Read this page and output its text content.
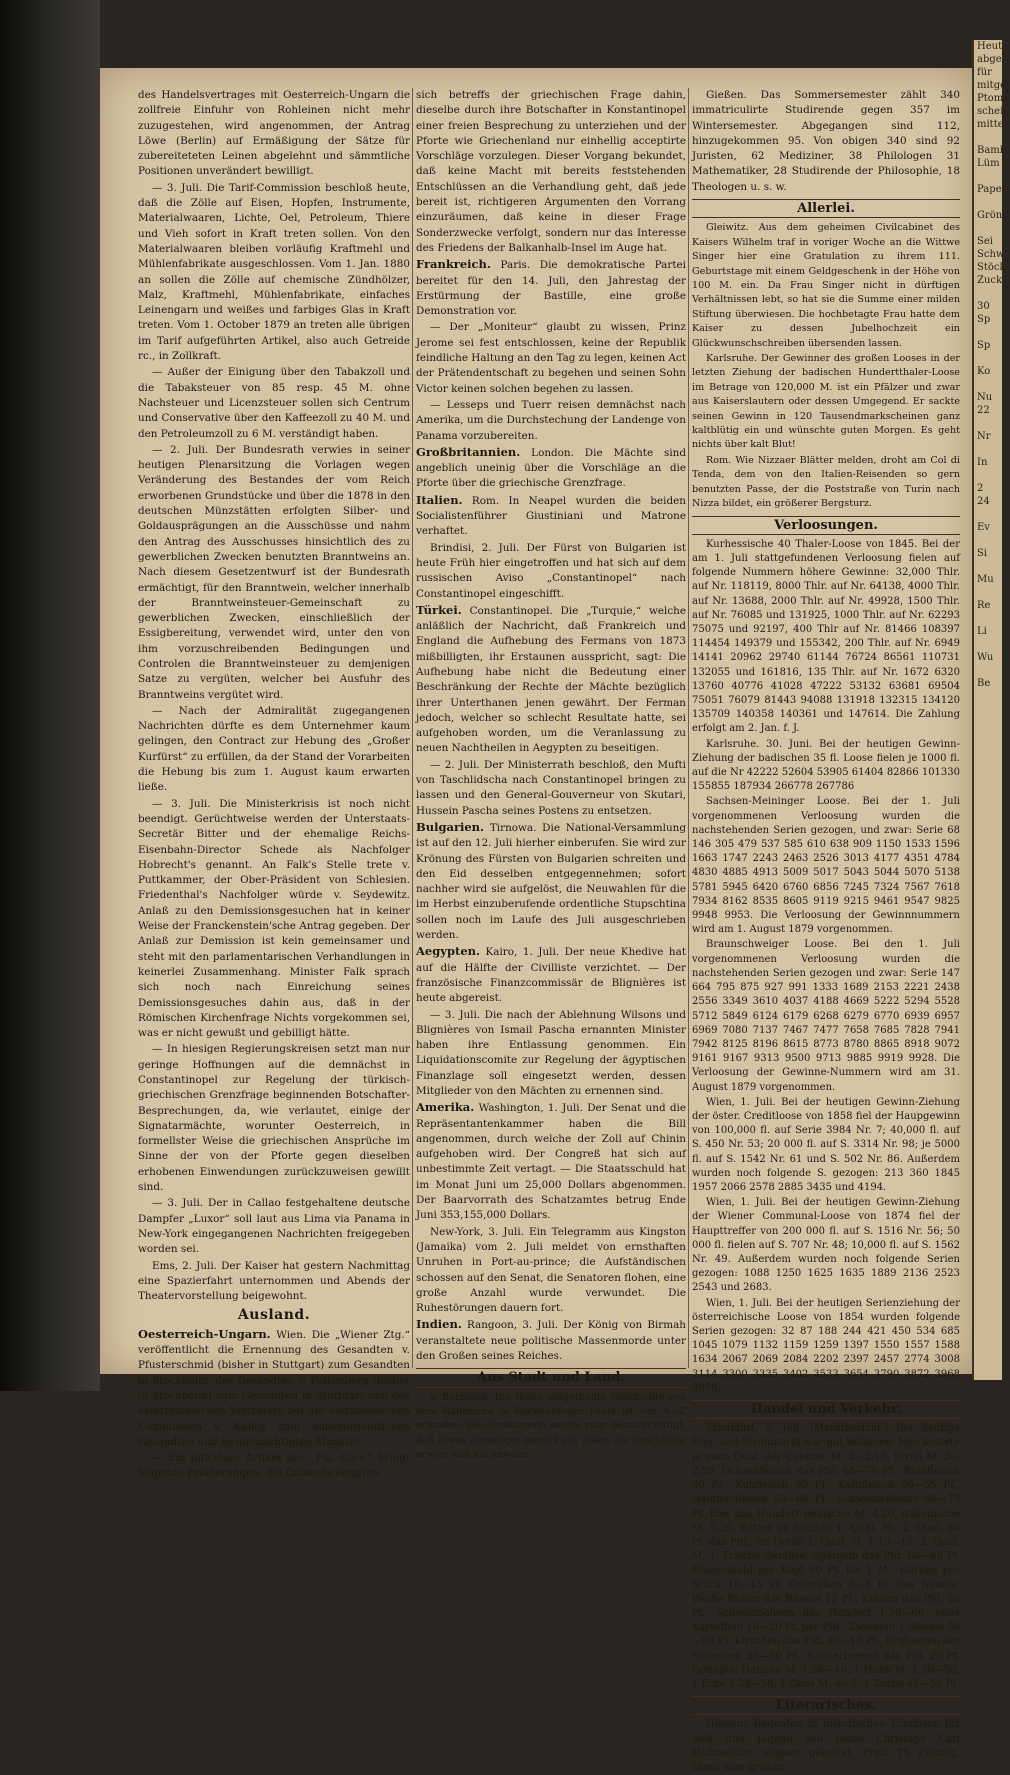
Heut
abgeh
für
mitge
Ptoms
scheid
mittel

Bamb
Lüm

Papet

Grön

Sei
Schw
Stöck
Zuck

30
Sp

Sp

Ko

Nu
22

Nr

In

2
24

Ev

Si

Mu

Re

Li

Wu

Be

des Handelsvertrages mit Oesterreich-Ungarn die zollfreie Einfuhr von Rohleinen nicht mehr zuzugestehen, wird angenommen, der Antrag Löwe (Berlin) auf Ermäßigung der Sätze für zubereiteteten Leinen abgelehnt und sämmtliche Positionen unverändert bewilligt.

— 3. Juli. Die Tarif-Commission beschloß heute, daß die Zölle auf Eisen, Hopfen, Instrumente, Materialwaaren, Lichte, Oel, Petroleum, Thiere und Vieh sofort in Kraft treten sollen. Von den Materialwaaren bleiben vorläufig Kraftmehl und Mühlenfabrikate ausgeschlossen. Vom 1. Jan. 1880 an sollen die Zölle auf chemische Zündhölzer, Malz, Kraftmehl, Mühlenfabrikate, einfaches Leinengarn und weißes und farbiges Glas in Kraft treten. Vom 1. October 1879 an treten alle übrigen im Tarif aufgeführten Artikel, also auch Getreide rc., in Zollkraft.

— Außer der Einigung über den Tabakzoll und die Tabaksteuer von 85 resp. 45 M. ohne Nachsteuer und Licenzsteuer sollen sich Centrum und Conservative über den Kaffeezoll zu 40 M. und den Petroleumzoll zu 6 M. verständigt haben.

— 2. Juli. Der Bundesrath verwies in seiner heutigen Plenarsitzung die Vorlagen wegen Veränderung des Bestandes der vom Reich erworbenen Grundstücke und über die 1878 in den deutschen Münzstätten erfolgten Silber- und Goldausprägungen an die Ausschüsse und nahm den Antrag des Ausschusses hinsichtlich des zu gewerblichen Zwecken benutzten Branntweins an. Nach diesem Gesetzentwurf ist der Bundesrath ermächtigt, für den Branntwein, welcher innerhalb der Branntweinsteuer-Gemeinschaft zu gewerblichen Zwecken, einschließlich der Essigbereitung, verwendet wird, unter den von ihm vorzuschreibenden Bedingungen und Controlen die Branntweinsteuer zu demjenigen Satze zu vergüten, welcher bei Ausfuhr des Branntweins vergütet wird.

— Nach der Admiralität zugegangenen Nachrichten dürfte es dem Unternehmer kaum gelingen, den Contract zur Hebung des „Großer Kurfürst“ zu erfüllen, da der Stand der Vorarbeiten die Hebung bis zum 1. August kaum erwarten ließe.

— 3. Juli. Die Ministerkrisis ist noch nicht beendigt. Gerüchtweise werden der Unterstaats-Secretär Bitter und der ehemalige Reichs-Eisenbahn-Director Schede als Nachfolger Hobrecht's genannt. An Falk's Stelle trete v. Puttkammer, der Ober-Präsident von Schlesien. Friedenthal's Nachfolger würde v. Seydewitz. Anlaß zu den Demissionsgesuchen hat in keiner Weise der Franckenstein'sche Antrag gegeben. Der Anlaß zur Demission ist kein gemeinsamer und steht mit den parlamentarischen Verhandlungen in keinerlei Zusammenhang. Minister Falk sprach sich noch nach Einreichung seines Demissionsgesuches dahin aus, daß in der Römischen Kirchenfrage Nichts vorgekommen sei, was er nicht gewußt und gebilligt hätte.

— In hiesigen Regierungskreisen setzt man nur geringe Hoffnungen auf die demnächst in Constantinopel zur Regelung der türkisch-griechischen Grenzfrage beginnenden Botschafter-Besprechungen, da, wie verlautet, einige der Signatarmächte, worunter Oesterreich, in formellster Weise die griechischen Ansprüche im Sinne der von der Pforte gegen dieselben erhobenen Einwendungen zurückzuweisen gewillt sind.

— 3. Juli. Der in Callao festgehaltene deutsche Dampfer „Luxor“ soll laut aus Lima via Panama in New-York eingegangenen Nachrichten freigegeben worden sei.

Ems, 2. Juli. Der Kaiser hat gestern Nachmittag eine Spazierfahrt unternommen und Abends der Theatervorstellung beigewohnt.

Ausland.

Oesterreich-Ungarn. Wien. Die „Wiener Ztg.“ veröffentlicht die Ernennung des Gesandten v. Pfusterschmid (bisher in Stuttgart) zum Gesandten in Stockholm, des Gesandten v. Pottenberg (bisher in Stockholm) zum Gesandten in Stuttgart und des österreichischen Vertreters bei der ostrumelischen Commission v. Kalloy zum außerordentlichen Gesandten und bevollmächtigten Minister.

— Ein officiöser Artikel der „Pol. Corr.“ bringt folgende Erörterungen: die Cabinete einigten

sich betreffs der griechischen Frage dahin, dieselbe durch ihre Botschafter in Konstantinopel einer freien Besprechung zu unterziehen und der Pforte wie Griechenland nur einhellig acceptirte Vorschläge vorzulegen. Dieser Vorgang bekundet, daß keine Macht mit bereits feststehenden Entschlüssen an die Verhandlung geht, daß jede bereit ist, richtigeren Argumenten den Vorrang einzuräumen, daß keine in dieser Frage Sonderzwecke verfolgt, sondern nur das Interesse des Friedens der Balkanhalb-Insel im Auge hat.

Frankreich. Paris. Die demokratische Partei bereitet für den 14. Juli, den Jahrestag der Erstürmung der Bastille, eine große Demonstration vor.

— Der „Moniteur“ glaubt zu wissen, Prinz Jerome sei fest entschlossen, keine der Republik feindliche Haltung an den Tag zu legen, keinen Act der Prätendentschaft zu begehen und seinen Sohn Victor keinen solchen begehen zu lassen.

— Lesseps und Tuerr reisen demnächst nach Amerika, um die Durchstechung der Landenge von Panama vorzubereiten.

Großbritannien. London. Die Mächte sind angeblich uneinig über die Vorschläge an die Pforte über die griechische Grenzfrage.

Italien. Rom. In Neapel wurden die beiden Socialistenführer Giustiniani und Matrone verhaftet.

Brindisi, 2. Juli. Der Fürst von Bulgarien ist heute Früh hier eingetroffen und hat sich auf dem russischen Aviso „Constantinopel“ nach Constantinopel eingeschifft.

Türkei. Constantinopel. Die „Turquie,“ welche anläßlich der Nachricht, daß Frankreich und England die Aufhebung des Fermans von 1873 mißbilligten, ihr Erstaunen ausspricht, sagt: Die Aufhebung habe nicht die Bedeutung einer Beschränkung der Rechte der Mächte bezüglich ihrer Unterthanen jenen gewährt. Der Ferman jedoch, welcher so schlecht Resultate hatte, sei aufgehoben worden, um die Veranlassung zu neuen Nachtheilen in Aegypten zu beseitigen.

— 2. Juli. Der Ministerrath beschloß, den Mufti von Taschlidscha nach Constantinopel bringen zu lassen und den General-Gouverneur von Skutari, Hussein Pascha seines Postens zu entsetzen.

Bulgarien. Tirnowa. Die National-Versammlung ist auf den 12. Juli hierher einberufen. Sie wird zur Krönung des Fürsten von Bulgarien schreiten und den Eid desselben entgegennehmen; sofort nachher wird sie aufgelöst, die Neuwahlen für die im Herbst einzuberufende ordentliche Stupschtina sollen noch im Laufe des Juli ausgeschrieben werden.

Aegypten. Kairo, 1. Juli. Der neue Khedive hat auf die Hälfte der Civilliste verzichtet. — Der französische Finanzcommissär de Blignières ist heute abgereist.

— 3. Juli. Die nach der Ablehnung Wilsons und Blignières von Ismail Pascha ernannten Minister haben ihre Entlassung genommen. Ein Liquidationscomite zur Regelung der ägyptischen Finanzlage soll eingesetzt werden, dessen Mitglieder von den Mächten zu ernennen sind.

Amerika. Washington, 1. Juli. Der Senat und die Repräsentantenkammer haben die Bill angenommen, durch welche der Zoll auf Chinin aufgehoben wird. Der Congreß hat sich auf unbestimmte Zeit vertagt. — Die Staatsschuld hat im Monat Juni um 25,000 Dollars abgenommen. Der Baarvorrath des Schatzamtes betrug Ende Juni 353,155,000 Dollars.

New-York, 3. Juli. Ein Telegramm aus Kingston (Jamaika) vom 2. Juli meldet von ernsthaften Unruhen in Port-au-prince; die Aufständischen schossen auf den Senat, die Senatoren flohen, eine große Anzahl wurde verwundet. Die Ruhestörungen dauern fort.

Indien. Rangoon, 3. Juli. Der König von Birmah veranstaltete neue politische Massenmorde unter den Großen seines Reiches.

Aus Stadt und Land.

s. Butzbach. Die Ihnen mitgetheilte Geschichte von dem Raubmord in Rockenberger Felde ist von A—Z erfunden. Die Gendamerie wurde zwar benachrichtigt, daß etwas derartiges passirt sei, allein die Geschichte erwies sich als unwahr.

Gießen. Das Sommersemester zählt 340 immatriculirte Studirende gegen 357 im Wintersemester. Abgegangen sind 112, hinzugekommen 95. Von obigen 340 sind 92 Juristen, 62 Mediziner, 38 Philologen 31 Mathematiker, 28 Studirende der Philosophie, 18 Theologen u. s. w.

Allerlei.

Gleiwitz. Aus dem geheimen Civilcabinet des Kaisers Wilhelm traf in voriger Woche an die Wittwe Singer hier eine Gratulation zu ihrem 111. Geburtstage mit einem Geldgeschenk in der Höhe von 100 M. ein. Da Frau Singer nicht in dürftigen Verhältnissen lebt, so hat sie die Summe einer milden Stiftung überwiesen. Die hochbetagte Frau hatte dem Kaiser zu dessen Jubelhochzeit ein Glückwunschschreiben übersenden lassen.

Karlsruhe. Der Gewinner des großen Looses in der letzten Ziehung der badischen Hundertthaler-Loose im Betrage von 120,000 M. ist ein Pfälzer und zwar aus Kaiserslautern oder dessen Umgegend. Er sackte seinen Gewinn in 120 Tausendmarkscheinen ganz kaltblütig ein und wünschte guten Morgen. Es geht nichts über kalt Blut!

Rom. Wie Nizzaer Blätter melden, droht am Col di Tenda, dem von den Italien-Reisenden so gern benutzten Passe, der die Poststraße von Turin nach Nizza bildet, ein größerer Bergsturz.

Verloosungen.

Kurhessische 40 Thaler-Loose von 1845. Bei der am 1. Juli stattgefundenen Verloosung fielen auf folgende Nummern höhere Gewinne: 32,000 Thlr. auf Nr. 118119, 8000 Thlr. auf Nr. 64138, 4000 Thlr. auf Nr. 13688, 2000 Thlr. auf Nr. 49928, 1500 Thlr. auf Nr. 76085 und 131925, 1000 Thlr. auf Nr. 62293 75075 und 92197, 400 Thlr auf Nr. 81466 108397 114454 149379 und 155342, 200 Thlr. auf Nr. 6949 14141 20962 29740 61144 76724 86561 110731 132055 und 161816, 135 Thlr. auf Nr. 1672 6320 13760 40776 41028 47222 53132 63681 69504 75051 76079 81443 94088 131918 132315 134120 135709 140358 140361 und 147614. Die Zahlung erfolgt am 2. Jan. f. J.

Karlsruhe. 30. Juni. Bei der heutigen Gewinn-Ziehung der badischen 35 fl. Loose fielen je 1000 fl. auf die Nr 42222 52604 53905 61404 82866 101330 155855 187934 266778 267786

Sachsen-Meininger Loose. Bei der 1. Juli vorgenommenen Verloosung wurden die nachstehenden Serien gezogen, und zwar: Serie 68 146 305 479 537 585 610 638 909 1150 1533 1596 1663 1747 2243 2463 2526 3013 4177 4351 4784 4830 4885 4913 5009 5017 5043 5044 5070 5138 5781 5945 6420 6760 6856 7245 7324 7567 7618 7934 8162 8535 8605 9119 9215 9461 9547 9825 9948 9953. Die Verloosung der Gewinnnummern wird am 1. August 1879 vorgenommen.

Braunschweiger Loose. Bei den 1. Juli vorgenommenen Verloosung wurden die nachstehenden Serien gezogen und zwar: Serie 147 664 795 875 927 991 1333 1689 2153 2221 2438 2556 3349 3610 4037 4188 4669 5222 5294 5528 5712 5849 6124 6179 6268 6279 6770 6939 6957 6969 7080 7137 7467 7477 7658 7685 7828 7941 7942 8125 8196 8615 8773 8780 8865 8918 9072 9161 9167 9313 9500 9713 9885 9919 9928. Die Verloosung der Gewinne-Nummern wird am 31. August 1879 vorgenommen.

Wien, 1. Juli. Bei der heutigen Gewinn-Ziehung der öster. Creditloose von 1858 fiel der Haupgewinn von 100,000 fl. auf Serie 3984 Nr. 7; 40,000 fl. auf S. 450 Nr. 53; 20 000 fl. auf S. 3314 Nr. 98; je 5000 fl. auf S. 1542 Nr. 61 und S. 502 Nr. 86. Außerdem wurden noch folgende S. gezogen: 213 360 1845 1957 2066 2578 2885 3435 und 4194.

Wien, 1. Juli. Bei der heutigen Gewinn-Ziehung der Wiener Communal-Loose von 1874 fiel der Haupttreffer von 200 000 fl. auf S. 1516 Nr. 56; 50 000 fl. fielen auf S. 707 Nr. 48; 10,000 fl. auf S. 1562 Nr. 49. Außerdem wurden noch folgende Serien gezogen: 1088 1250 1625 1635 1889 2136 2523 2543 und 2683.

Wien, 1. Juli. Bei der heutigen Serienziehung der österreichische Loose von 1854 wurden folgende Serien gezogen: 32 87 188 244 421 450 534 685 1045 1079 1132 1159 1259 1397 1550 1557 1588 1634 2067 2069 2084 2202 2397 2457 2774 3008 3114 3300 3335 3402 3533 3654 3790 3872 3968 3979.

Handel und Verkehr.

Frankfurt, 2. Juli. (Marktbericht.) Der heutige Heu- und Strohmarkt war gut befahren. Heu kostete je nach Qual. der Centner M. 2—2.10, Stroh M. 2—2.20. Ochsenfleisch das Pfd. 65—70 Pf., Rindfleisch 50 Pf., Kuhfleisch 50 Pf., Kalbfleisch 50—55 Pf., Hammelfleisch 50—66 Pf., Schweinefleisch 60—70 Pf. Eier das Hundert deutsche M. 4.20, italienische M. 5.20. Butter im Großen 1. Qual. 90, 2. Qual. 80 Pf. das Pfd., im Detail 1. Qual. M. 1.10—15, 2. Qual. M. 1. Frische Gemüse: Spargeln das Pfd. 60—80 Pf. Blumenkohl per Kopf 60 Pf. bis 1 M., Gurken per Stück 10—15 Pf. Gelbrüben 6—8 Pf. das Bündel. Weiße Rüben das Bündel 12 Pf., Erbsen das Pfd. 20 Pf., Schneidbohnen das Hundert 1.30—60, neue Kartoffeln 10—20 Pf. per Pfd., Zwiebeln 1 Bündel 50—60 Pf. Kirschen das Pfd. 10—16 Pf., Erdbeeren der Schoppen 25—30 Pf., Klosterbeeren das Pfd. 20 Pf. Geflügel: Hahnen M. 1.26—40, 1 Huhn M. 1.30—50, 1 Ente 2.20—50, 1 Gans M. 4—5, 1 Taube 45—50 Pf.

Literarisches.

Hessens Regenten in historischen Umrissen für Volk und Jugend von Jakob Christoph Carl Hoffmeister, elegant geheftet, Preis 75 Pfennig. Diese zum großen
